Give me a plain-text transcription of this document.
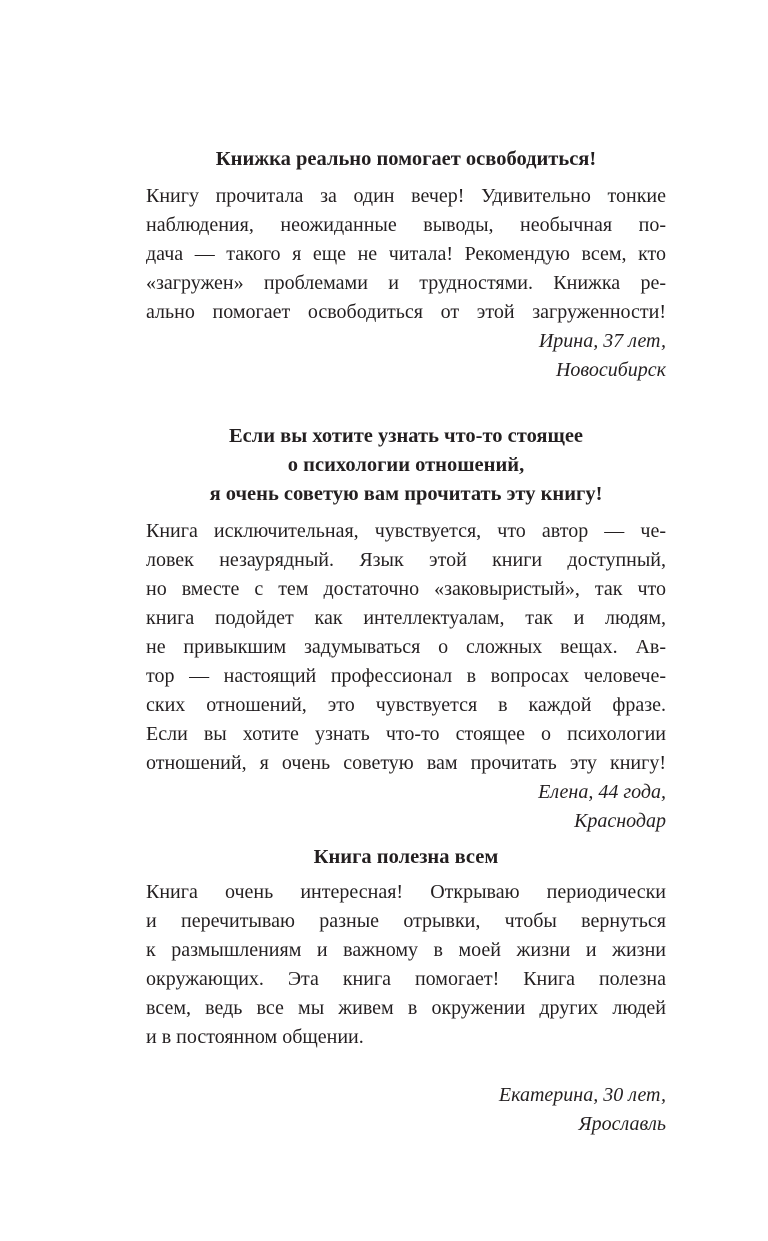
Книжка реально помогает освободиться!
Книгу прочитала за один вечер! Удивительно тонкие
наблюдения, неожиданные выводы, необычная по-
дача — такого я еще не читала! Рекомендую всем, кто
«загружен» проблемами и трудностями. Книжка ре-
ально помогает освободиться от этой загруженности!
Ирина, 37 лет,
Новосибирск
Если вы хотите узнать что-то стоящее
о психологии отношений,
я очень советую вам прочитать эту книгу!
Книга исключительная, чувствуется, что автор — че-
ловек незаурядный. Язык этой книги доступный,
но вместе с тем достаточно «заковыристый», так что
книга подойдет как интеллектуалам, так и людям,
не привыкшим задумываться о сложных вещах. Ав-
тор — настоящий профессионал в вопросах человече-
ских отношений, это чувствуется в каждой фразе.
Если вы хотите узнать что-то стоящее о психологии
отношений, я очень советую вам прочитать эту книгу!
Елена, 44 года,
Краснодар
Книга полезна всем
Книга очень интересная! Открываю периодически
и перечитываю разные отрывки, чтобы вернуться
к размышлениям и важному в моей жизни и жизни
окружающих. Эта книга помогает! Книга полезна
всем, ведь все мы живем в окружении других людей
и в постоянном общении.
Екатерина, 30 лет,
Ярославль
